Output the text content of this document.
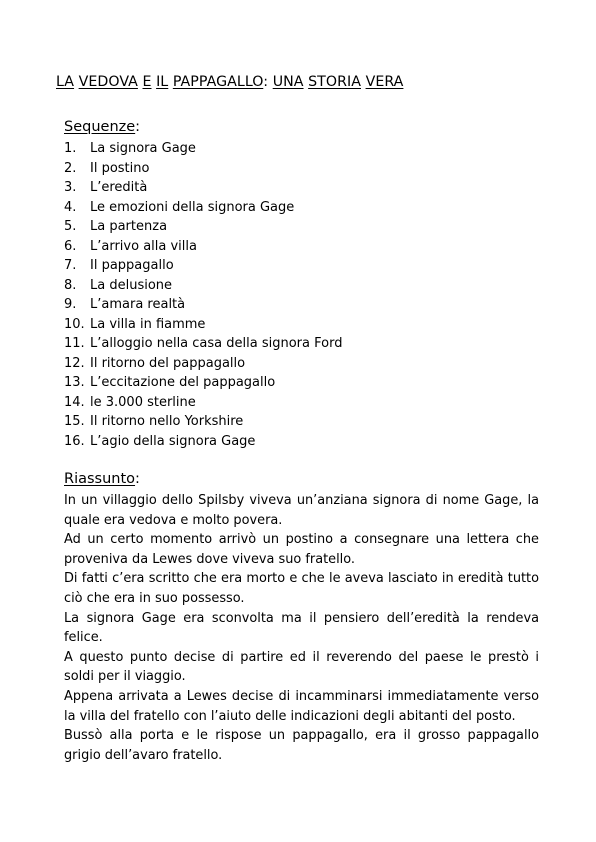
LA VEDOVA E IL PAPPAGALLO: UNA STORIA VERA
Sequenze:
1. La signora Gage
2. Il postino
3. L’eredità
4. Le emozioni della signora Gage
5. La partenza
6. L’arrivo alla villa
7. Il pappagallo
8. La delusione
9. L’amara realtà
10. La villa in fiamme
11. L’alloggio nella casa della signora Ford
12. Il ritorno del pappagallo
13. L’eccitazione del pappagallo
14. le 3.000 sterline
15. Il ritorno nello Yorkshire
16. L’agio della signora Gage
Riassunto:

In un villaggio dello Spilsby viveva un’anziana signora di nome Gage, la quale era vedova e molto povera.

Ad un certo momento arrivò un postino a consegnare una lettera che proveniva da Lewes dove viveva suo fratello.

Di fatti c’era scritto che era morto e che le aveva lasciato in eredità tutto ciò che era in suo possesso.

La signora Gage era sconvolta ma il pensiero dell’eredità la rendeva felice.

A questo punto decise di partire ed il reverendo del paese le prestò i soldi per il viaggio.

Appena arrivata a Lewes decise di incamminarsi immediatamente verso la villa del fratello con l’aiuto delle indicazioni degli abitanti del posto.

Bussò alla porta e le rispose un pappagallo, era il grosso pappagallo grigio dell’avaro fratello.
